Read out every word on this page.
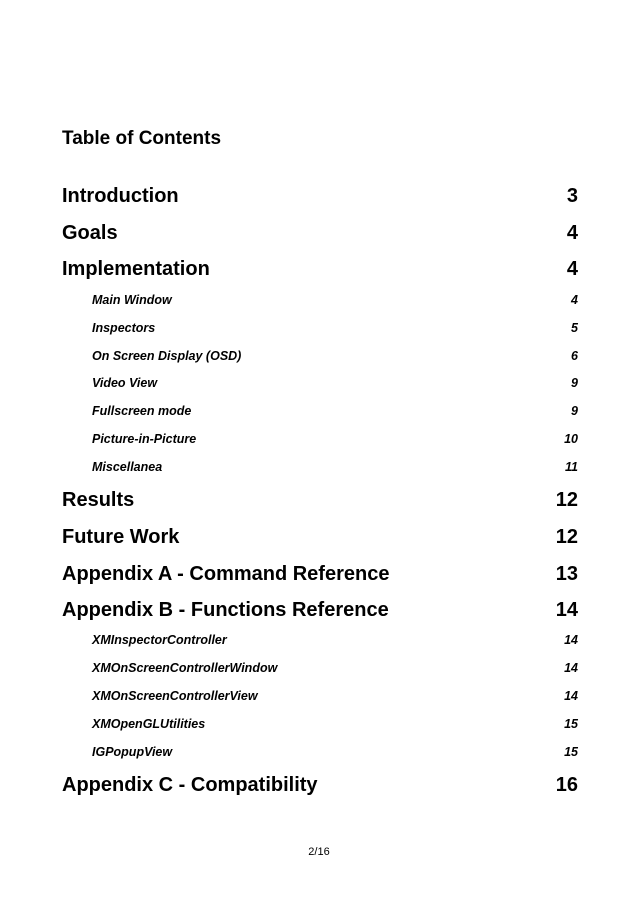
Table of Contents
Introduction	3
Goals	4
Implementation	4
Main Window	4
Inspectors	5
On Screen Display (OSD)	6
Video View	9
Fullscreen mode	9
Picture-in-Picture	10
Miscellanea	11
Results	12
Future Work	12
Appendix A - Command Reference	13
Appendix B - Functions Reference	14
XMInspectorController	14
XMOnScreenControllerWindow	14
XMOnScreenControllerView	14
XMOpenGLUtilities	15
IGPopupView	15
Appendix C - Compatibility	16
2/16
